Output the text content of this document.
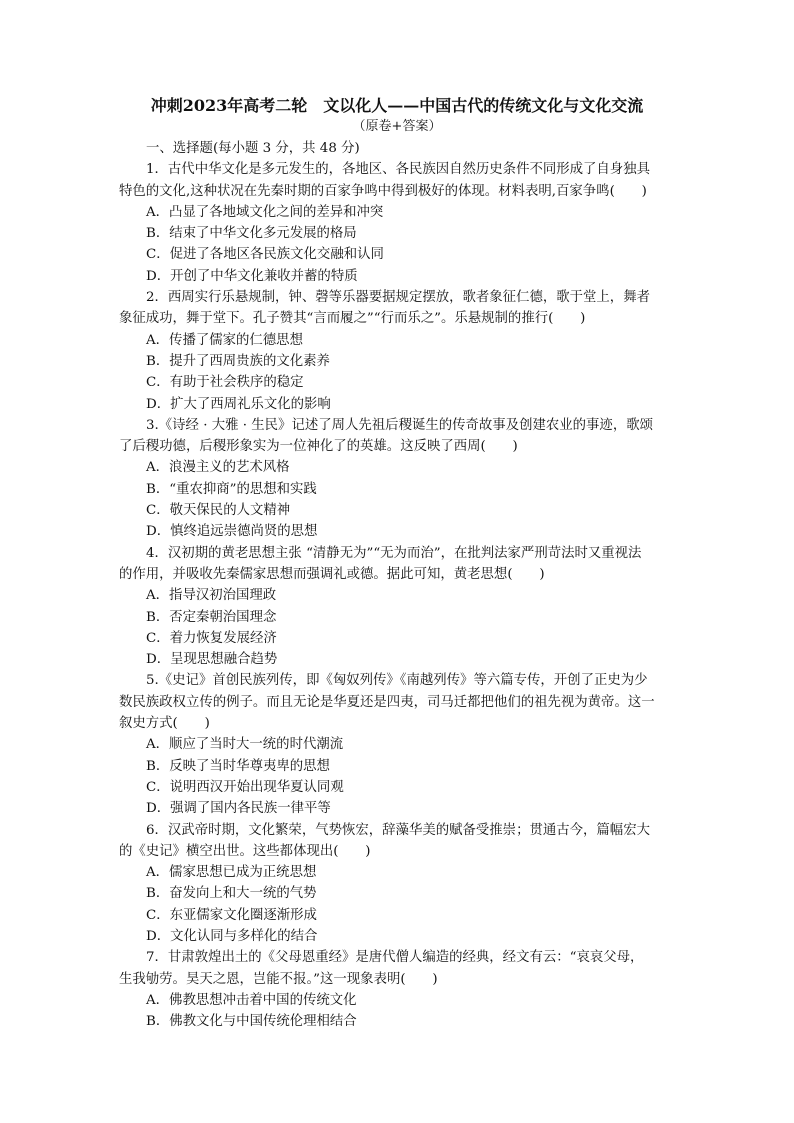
冲刺2023年高考二轮　文以化人——中国古代的传统文化与文化交流
（原卷+答案）
一、选择题(每小题 3 分，共 48 分)
1．古代中华文化是多元发生的，各地区、各民族因自然历史条件不同形成了自身独具
特色的文化,这种状况在先秦时期的百家争鸣中得到极好的体现。材料表明,百家争鸣(　　)
A．凸显了各地域文化之间的差异和冲突
B．结束了中华文化多元发展的格局
C．促进了各地区各民族文化交融和认同
D．开创了中华文化兼收并蓄的特质
2．西周实行乐悬规制，钟、磬等乐器要据规定摆放，歌者象征仁德，歌于堂上，舞者
象征成功，舞于堂下。孔子赞其“言而履之”“行而乐之”。乐悬规制的推行(　　)
A．传播了儒家的仁德思想
B．提升了西周贵族的文化素养
C．有助于社会秩序的稳定
D．扩大了西周礼乐文化的影响
3.《诗经 · 大雅 · 生民》记述了周人先祖后稷诞生的传奇故事及创建农业的事迹，歌颂
了后稷功德，后稷形象实为一位神化了的英雄。这反映了西周(　　)
A．浪漫主义的艺术风格
B．“重农抑商”的思想和实践
C．敬天保民的人文精神
D．慎终追远崇德尚贤的思想
4．汉初期的黄老思想主张 “清静无为”“无为而治”，在批判法家严刑苛法时又重视法
的作用，并吸收先秦儒家思想而强调礼或德。据此可知，黄老思想(　　)
A．指导汉初治国理政
B．否定秦朝治国理念
C．着力恢复发展经济
D．呈现思想融合趋势
5.《史记》首创民族列传，即《匈奴列传》《南越列传》等六篇专传，开创了正史为少
数民族政权立传的例子。而且无论是华夏还是四夷，司马迁都把他们的祖先视为黄帝。这一
叙史方式(　　)
A．顺应了当时大一统的时代潮流
B．反映了当时华尊夷卑的思想
C．说明西汉开始出现华夏认同观
D．强调了国内各民族一律平等
6．汉武帝时期，文化繁荣，气势恢宏，辞藻华美的赋备受推崇；贯通古今，篇幅宏大
的《史记》横空出世。这些都体现出(　　)
A．儒家思想已成为正统思想
B．奋发向上和大一统的气势
C．东亚儒家文化圈逐渐形成
D．文化认同与多样化的结合
7．甘肃敦煌出土的《父母恩重经》是唐代僧人编造的经典，经文有云：“哀哀父母，
生我劬劳。昊天之恩，岂能不报。”这一现象表明(　　)
A．佛教思想冲击着中国的传统文化
B．佛教文化与中国传统伦理相结合
